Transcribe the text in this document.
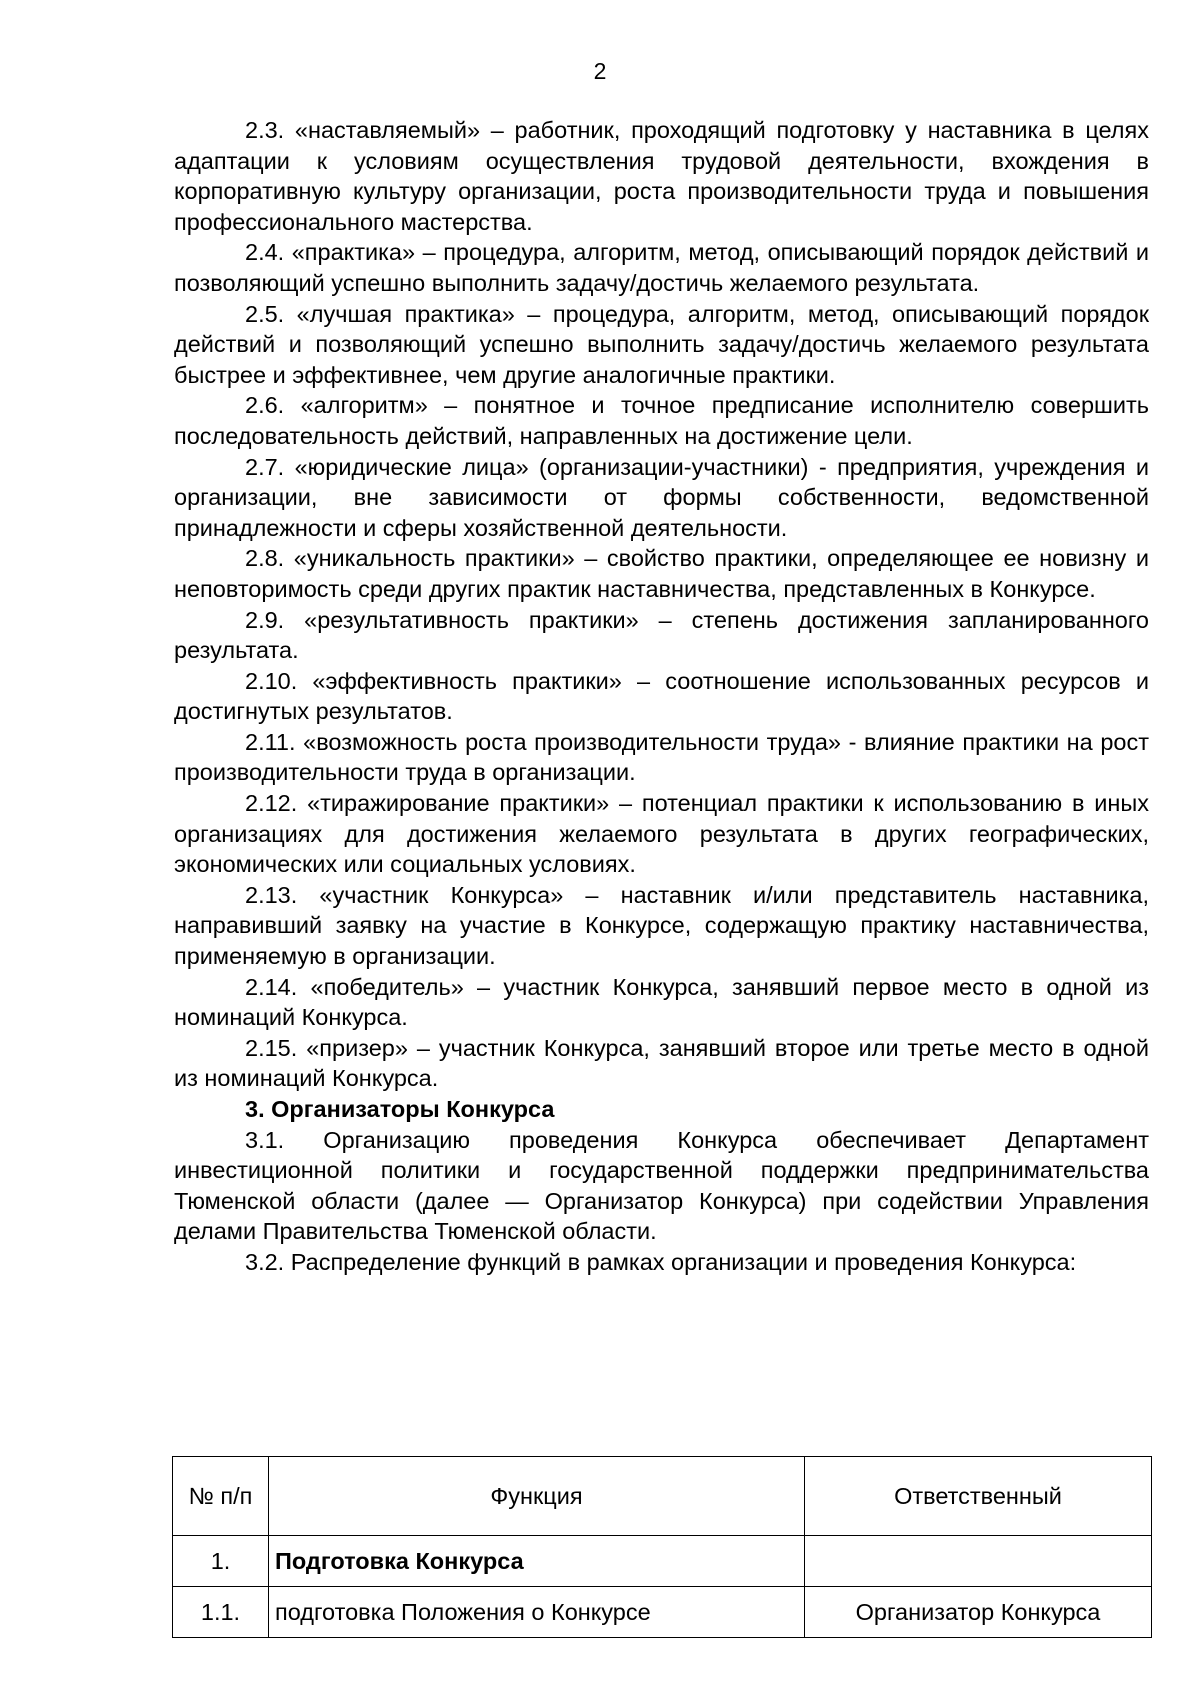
2

2.3. «наставляемый» – работник, проходящий подготовку у наставника в целях адаптации к условиям осуществления трудовой деятельности, вхождения в корпоративную культуру организации, роста производительности труда и повышения профессионального мастерства.

2.4. «практика» – процедура, алгоритм, метод, описывающий порядок действий и позволяющий успешно выполнить задачу/достичь желаемого результата.

2.5. «лучшая практика» – процедура, алгоритм, метод, описывающий порядок действий и позволяющий успешно выполнить задачу/достичь желаемого результата быстрее и эффективнее, чем другие аналогичные практики.

2.6. «алгоритм» – понятное и точное предписание исполнителю совершить последовательность действий, направленных на достижение цели.

2.7. «юридические лица» (организации-участники) - предприятия, учреждения и организации, вне зависимости от формы собственности, ведомственной принадлежности и сферы хозяйственной деятельности.

2.8. «уникальность практики» – свойство практики, определяющее ее новизну и неповторимость среди других практик наставничества, представленных в Конкурсе.

2.9. «результативность практики» – степень достижения запланированного результата.

2.10. «эффективность практики» – соотношение использованных ресурсов и достигнутых результатов.

2.11. «возможность роста производительности труда» - влияние практики на рост производительности труда в организации.

2.12. «тиражирование практики» – потенциал практики к использованию в иных организациях для достижения желаемого результата в других географических, экономических или социальных условиях.

2.13. «участник Конкурса» – наставник и/или представитель наставника, направивший заявку на участие в Конкурсе, содержащую практику наставничества, применяемую в организации.

2.14. «победитель» – участник Конкурса, занявший первое место в одной из номинаций Конкурса.

2.15. «призер» – участник Конкурса, занявший второе или третье место в одной из номинаций Конкурса.

3. Организаторы Конкурса

3.1. Организацию проведения Конкурса обеспечивает Департамент инвестиционной политики и государственной поддержки предпринимательства Тюменской области (далее — Организатор Конкурса) при содействии Управления делами Правительства Тюменской области.

3.2. Распределение функций в рамках организации и проведения Конкурса:

№ п/п	Функция	Ответственный
1.	Подготовка Конкурса	
1.1.	подготовка Положения о Конкурсе	Организатор Конкурса
